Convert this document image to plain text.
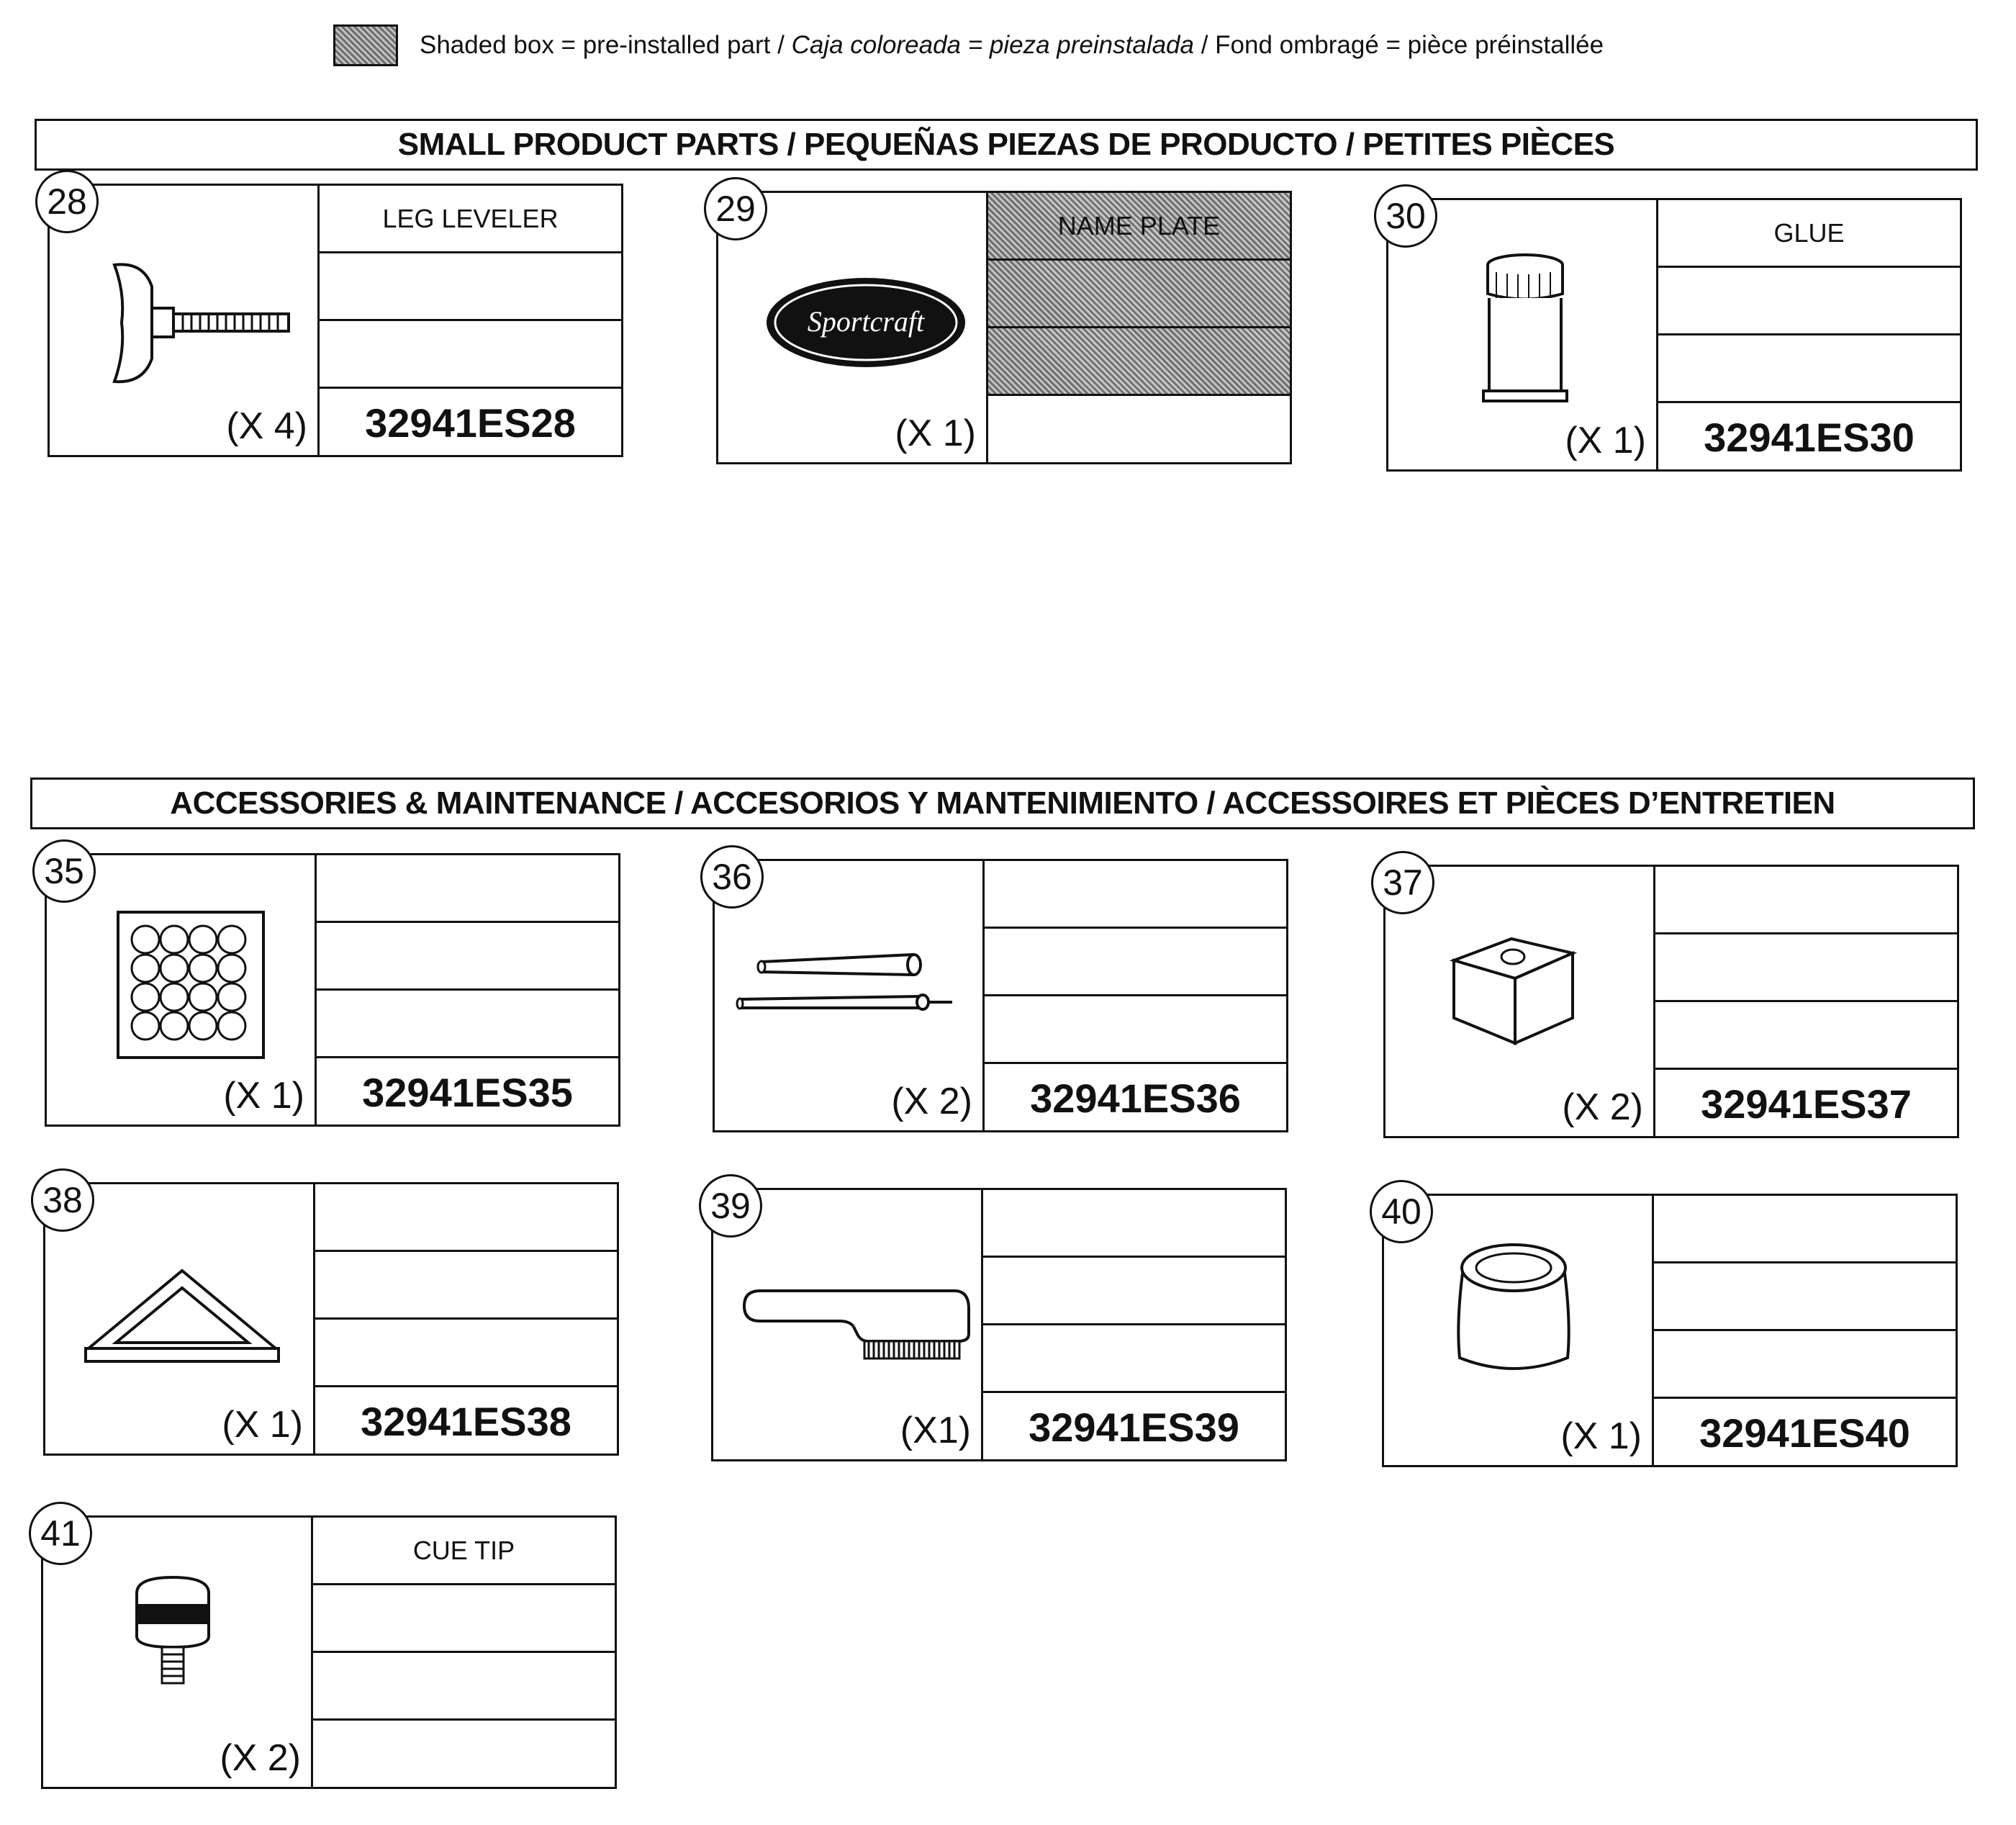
Shaded box = pre-installed part / Caja coloreada = pieza preinstalada / Fond ombragé = pièce préinstallée
SMALL PRODUCT PARTS / PEQUEÑAS PIEZAS DE PRODUCTO / PETITES PIÈCES
28
(X 4)
LEG LEVELER
32941ES28
29
Sportcraft
(X 1)
NAME PLATE	30
(X 1)
GLUE
32941ES30
ACCESSORIES & MAINTENANCE / ACCESORIOS Y MANTENIMIENTO / ACCESSOIRES ET PIÈCES D’ENTRETIEN
35
(X 1)	32941ES35
36
(X 2)	32941ES36
37
(X 2)	32941ES37
38
(X 1)	32941ES38
39
(X1)	32941ES39
40
(X 1)	32941ES40
41
(X 2)
CUE TIP
